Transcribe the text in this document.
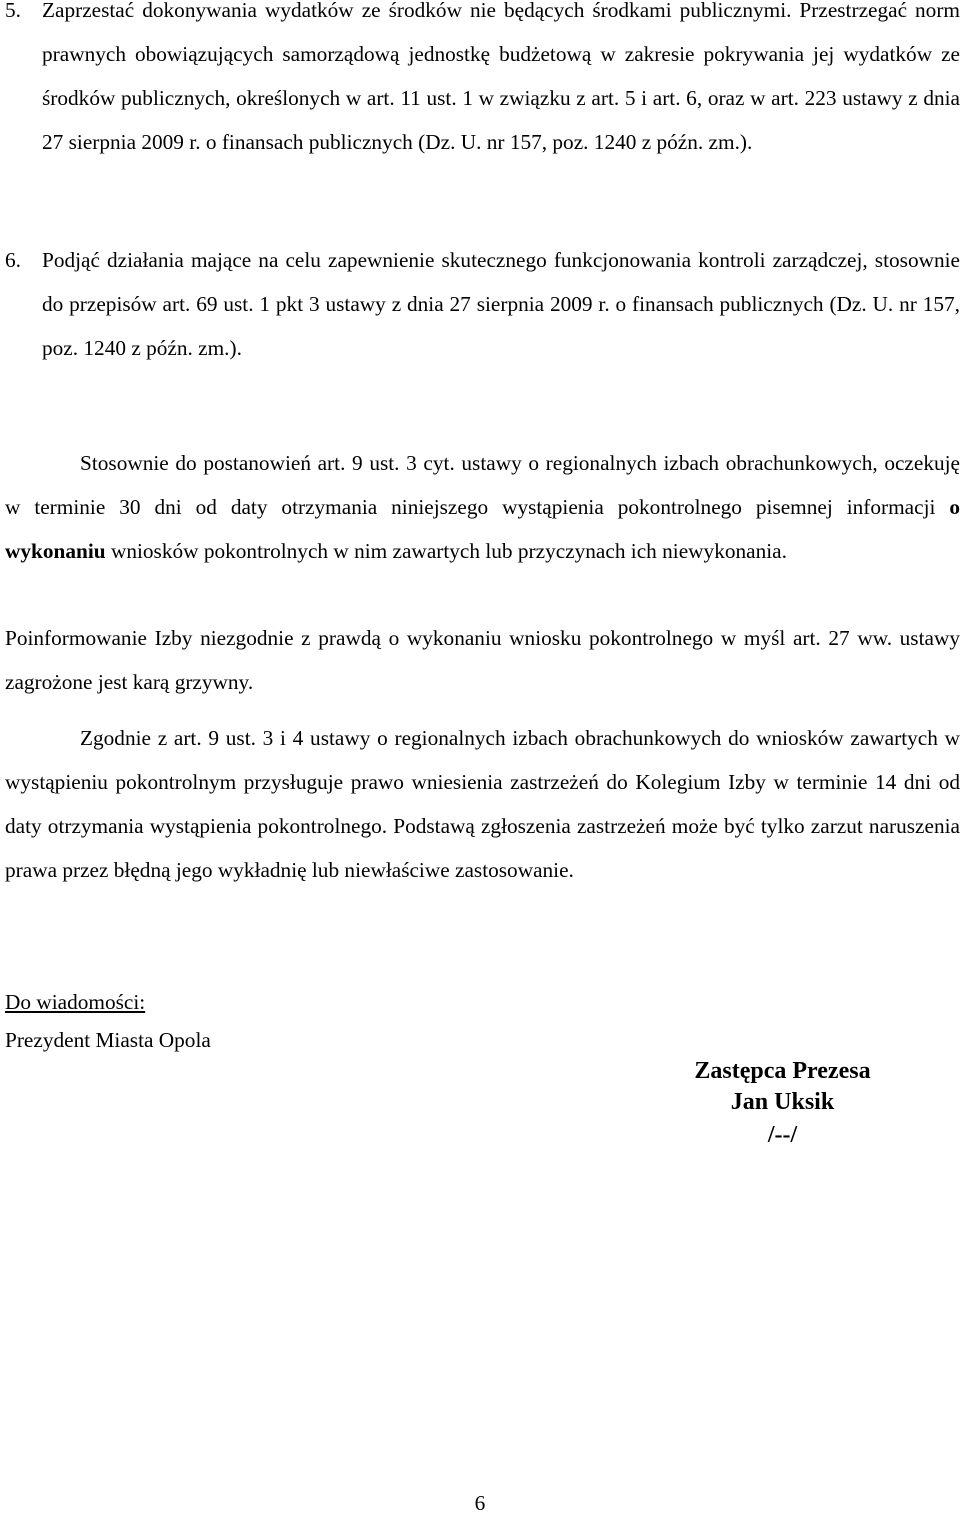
5. Zaprzestać dokonywania wydatków ze środków nie będących środkami publicznymi. Przestrzegać norm prawnych obowiązujących samorządową jednostkę budżetową w zakresie pokrywania jej wydatków ze środków publicznych, określonych w art. 11 ust. 1 w związku z art. 5 i art. 6, oraz w art. 223 ustawy z dnia 27 sierpnia 2009 r. o finansach publicznych (Dz. U. nr 157, poz. 1240 z późn. zm.).
6. Podjąć działania mające na celu zapewnienie skutecznego funkcjonowania kontroli zarządczej, stosownie do przepisów art. 69 ust. 1 pkt 3 ustawy z dnia 27 sierpnia 2009 r. o finansach publicznych (Dz. U. nr 157, poz. 1240 z późn. zm.).
Stosownie do postanowień art. 9 ust. 3 cyt. ustawy o regionalnych izbach obrachunkowych, oczekuję w terminie 30 dni od daty otrzymania niniejszego wystąpienia pokontrolnego pisemnej informacji o wykonaniu wniosków pokontrolnych w nim zawartych lub przyczynach ich niewykonania.
Poinformowanie Izby niezgodnie z prawdą o wykonaniu wniosku pokontrolnego w myśl art. 27 ww. ustawy zagrożone jest karą grzywny.
Zgodnie z art. 9 ust. 3 i 4 ustawy o regionalnych izbach obrachunkowych do wniosków zawartych w wystąpieniu pokontrolnym przysługuje prawo wniesienia zastrzeżeń do Kolegium Izby w terminie 14 dni od daty otrzymania wystąpienia pokontrolnego. Podstawą zgłoszenia zastrzeżeń może być tylko zarzut naruszenia prawa przez błędną jego wykładnię lub niewłaściwe zastosowanie.
Do wiadomości:
Prezydent Miasta Opola
Zastępca Prezesa
Jan Uksik
/--/
6
